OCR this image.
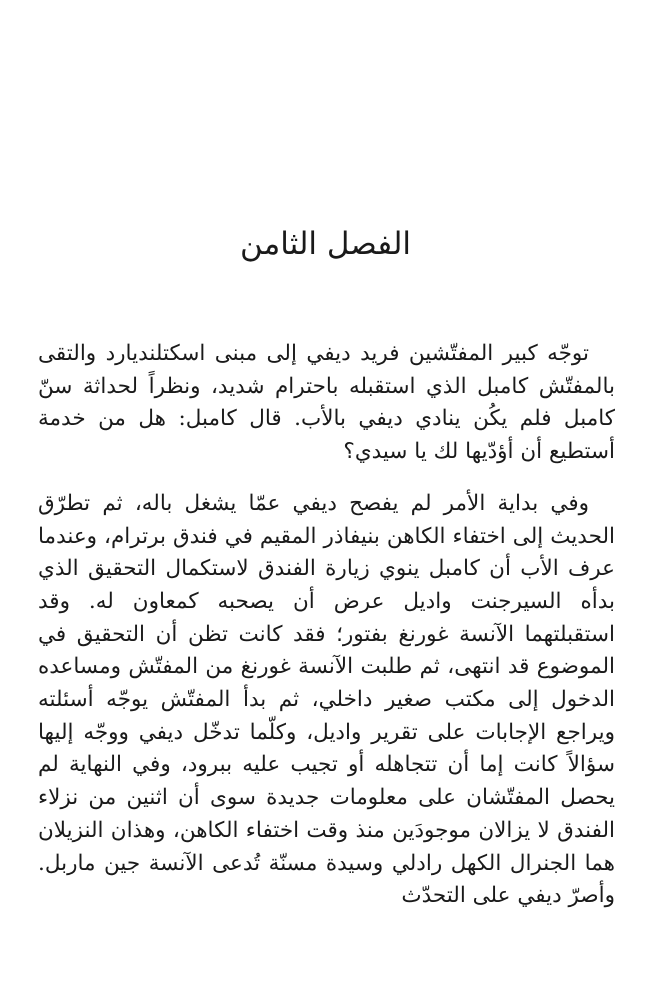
الفصل الثامن

توجّه كبير المفتّشين فريد ديفي إلى مبنى اسكتلنديارد والتقى بالمفتّش كامبل الذي استقبله باحترام شديد، ونظراً لحداثة سنّ كامبل فلم يكُن ينادي ديفي بالأب. قال كامبل: هل من خدمة أستطيع أن أؤدّيها لك يا سيدي؟

وفي بداية الأمر لم يفصح ديفي عمّا يشغل باله، ثم تطرّق الحديث إلى اختفاء الكاهن بنيفاذر المقيم في فندق برترام، وعندما عرف الأب أن كامبل ينوي زيارة الفندق لاستكمال التحقيق الذي بدأه السيرجنت واديل عرض أن يصحبه كمعاون له. وقد استقبلتهما الآنسة غورنغ بفتور؛ فقد كانت تظن أن التحقيق في الموضوع قد انتهى، ثم طلبت الآنسة غورنغ من المفتّش ومساعده الدخول إلى مكتب صغير داخلي، ثم بدأ المفتّش يوجّه أسئلته ويراجع الإجابات على تقرير واديل، وكلّما تدخّل ديفي ووجّه إليها سؤالاً كانت إما أن تتجاهله أو تجيب عليه ببرود، وفي النهاية لم يحصل المفتّشان على معلومات جديدة سوى أن اثنين من نزلاء الفندق لا يزالان موجودَين منذ وقت اختفاء الكاهن، وهذان النزيلان هما الجنرال الكهل رادلي وسيدة مسنّة تُدعى الآنسة جين ماربل. وأصرّ ديفي على التحدّث
